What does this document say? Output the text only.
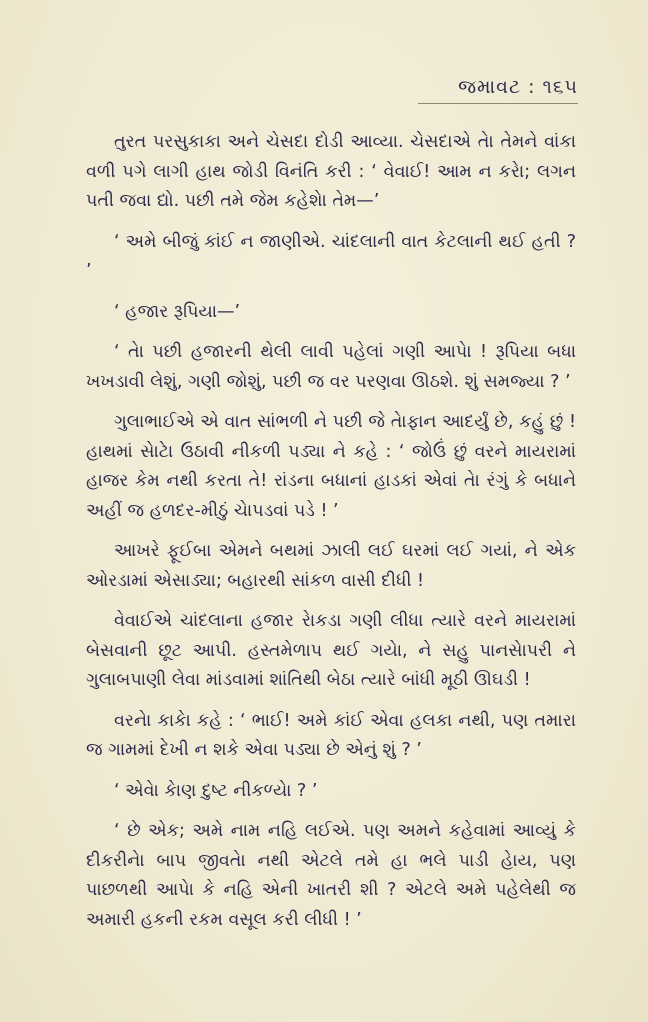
જમાવટ : ૧૬૫

તુરત પરસુકાકા અને ચેસદા દોડી આવ્યા. ચેસદાએ તેા તેમને વાંકા વળી પગે લાગી હાથ જોડી વિનંતિ કરી : ‘ વેવાઈ! આમ ન કરેા; લગન પતી જવા દ્યો. પછી તમે જેમ કહેશેા તેમ—’

‘ અમે બીજું કાંઈ ન જાણીએ. ચાંદલાની વાત કેટલાની થઈ હતી ? ’

‘ હજાર રૂપિયા—’

‘ તેા પછી હજારની થેલી લાવી પહેલાં ગણી આપેા ! રૂપિયા બધા ખખડાવી લેશું, ગણી જોશું, પછી જ વર પરણવા ઊઠશે. શું સમજ્યા ? ’

ગુલાભાઈએ એ વાત સાંભળી ને પછી જે તેાફાન આદર્યું છે, કહું છું ! હાથમાં સેાટેા ઉઠાવી નીકળી પડ્યા ને કહે : ‘ જોઉં છું વરને માયરામાં હાજર કેમ નથી કરતા તે! રાંડના બધાનાં હાડકાં એવાં તેા રંગું કે બધાને અહીં જ હળદર-મીઠું ચેાપડવાં પડે ! ’

આખરે ફૂઈબા એમને બથમાં ઝાલી લઈ ઘરમાં લઈ ગયાં, ને એક ઓરડામાં એસાડ્યા; બહારથી સાંકળ વાસી દીધી !

વેવાઈએ ચાંદલાના હજાર રેાકડા ગણી લીધા ત્યારે વરને માયરામાં બેસવાની છૂટ આપી. હસ્તમેળાપ થઈ ગયેા, ને સહુ પાનસેાપરી ને ગુલાબપાણી લેવા માંડવામાં શાંતિથી બેઠા ત્યારે બાંધી મૂઠી ઊઘડી !

વરનેા કાકેા કહે : ‘ ભાઈ! અમે કાંઈ એવા હલકા નથી, પણ તમારા જ ગામમાં દેખી ન શકે એવા પડ્યા છે એનું શું ? ’

‘ એવેા કેાણ દુષ્ટ નીકળ્યેા ? ’

‘ છે એક; અમે નામ નહિ લઈએ. પણ અમને કહેવામાં આવ્યું કે દીકરીનેા બાપ જીવતેા નથી એટલે તમે હા ભલે પાડી હેાય, પણ પાછળથી આપેા કે નહિ એની ખાતરી શી ? એટલે અમે પહેલેથી જ અમારી હકની રકમ વસૂલ કરી લીધી ! ’
